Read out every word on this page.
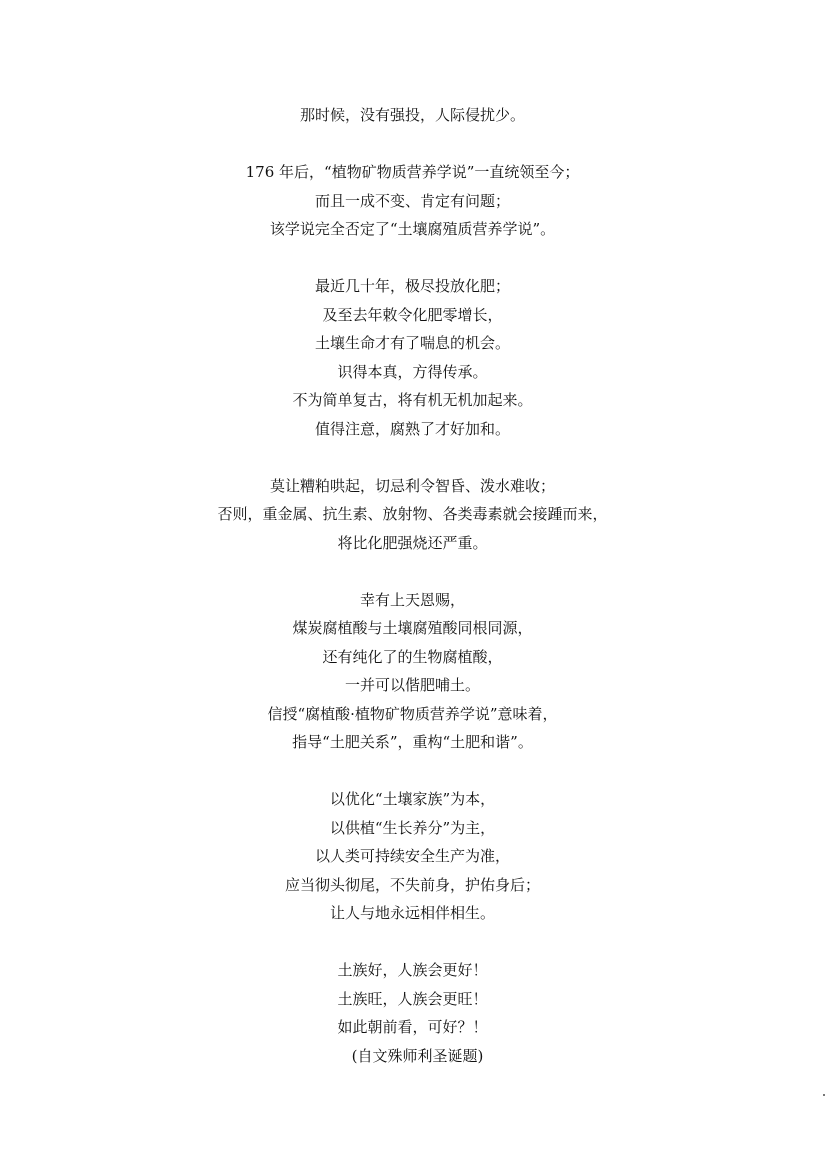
那时候，没有强投，人际侵扰少。
176 年后，“植物矿物质营养学说”一直统领至今；
而且一成不变、肯定有问题；
该学说完全否定了“土壤腐殖质营养学说”。
最近几十年，极尽投放化肥；
及至去年敕令化肥零增长，
土壤生命才有了喘息的机会。
识得本真，方得传承。
不为简单复古，将有机无机加起来。
值得注意，腐熟了才好加和。
莫让糟粕哄起，切忌利令智昏、泼水难收；
否则，重金属、抗生素、放射物、各类毒素就会接踵而来，
将比化肥强烧还严重。
幸有上天恩赐，
煤炭腐植酸与土壤腐殖酸同根同源，
还有纯化了的生物腐植酸，
一并可以偕肥哺土。
信授“腐植酸·植物矿物质营养学说”意味着，
指导“土肥关系”，重构“土肥和谐”。
以优化“土壤家族”为本，
以供植“生长养分”为主，
以人类可持续安全生产为准，
应当彻头彻尾，不失前身，护佑身后；
让人与地永远相伴相生。
土族好，人族会更好！
土族旺，人族会更旺！
如此朝前看，可好？！
(自文殊师利圣诞题)
